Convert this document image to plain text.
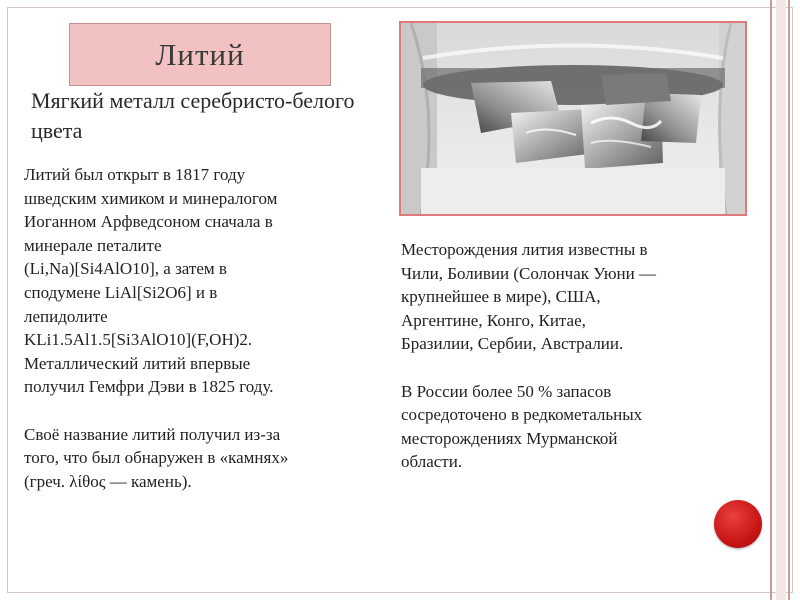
Литий
Мягкий металл серебристо-белого
цвета
Литий был открыт в 1817 году
шведским химиком и минералогом
Иоганном Арфведсоном сначала в
минерале петалите
(Li,Na)[Si4AlO10], а затем в
сподумене LiAl[Si2O6] и в
лепидолите
KLi1.5Al1.5[Si3AlO10](F,OH)2.
Металлический литий впервые
получил Гемфри Дэви в 1825 году.
Своё название литий получил из-за
того, что был обнаружен в «камнях»
(греч. λίθος — камень).
Месторождения лития известны в
Чили, Боливии (Солончак Уюни —
крупнейшее в мире), США,
Аргентине, Конго, Китае,
Бразилии, Сербии, Австралии.
В России более 50 % запасов
сосредоточено в редкометальных
месторождениях Мурманской
области.
